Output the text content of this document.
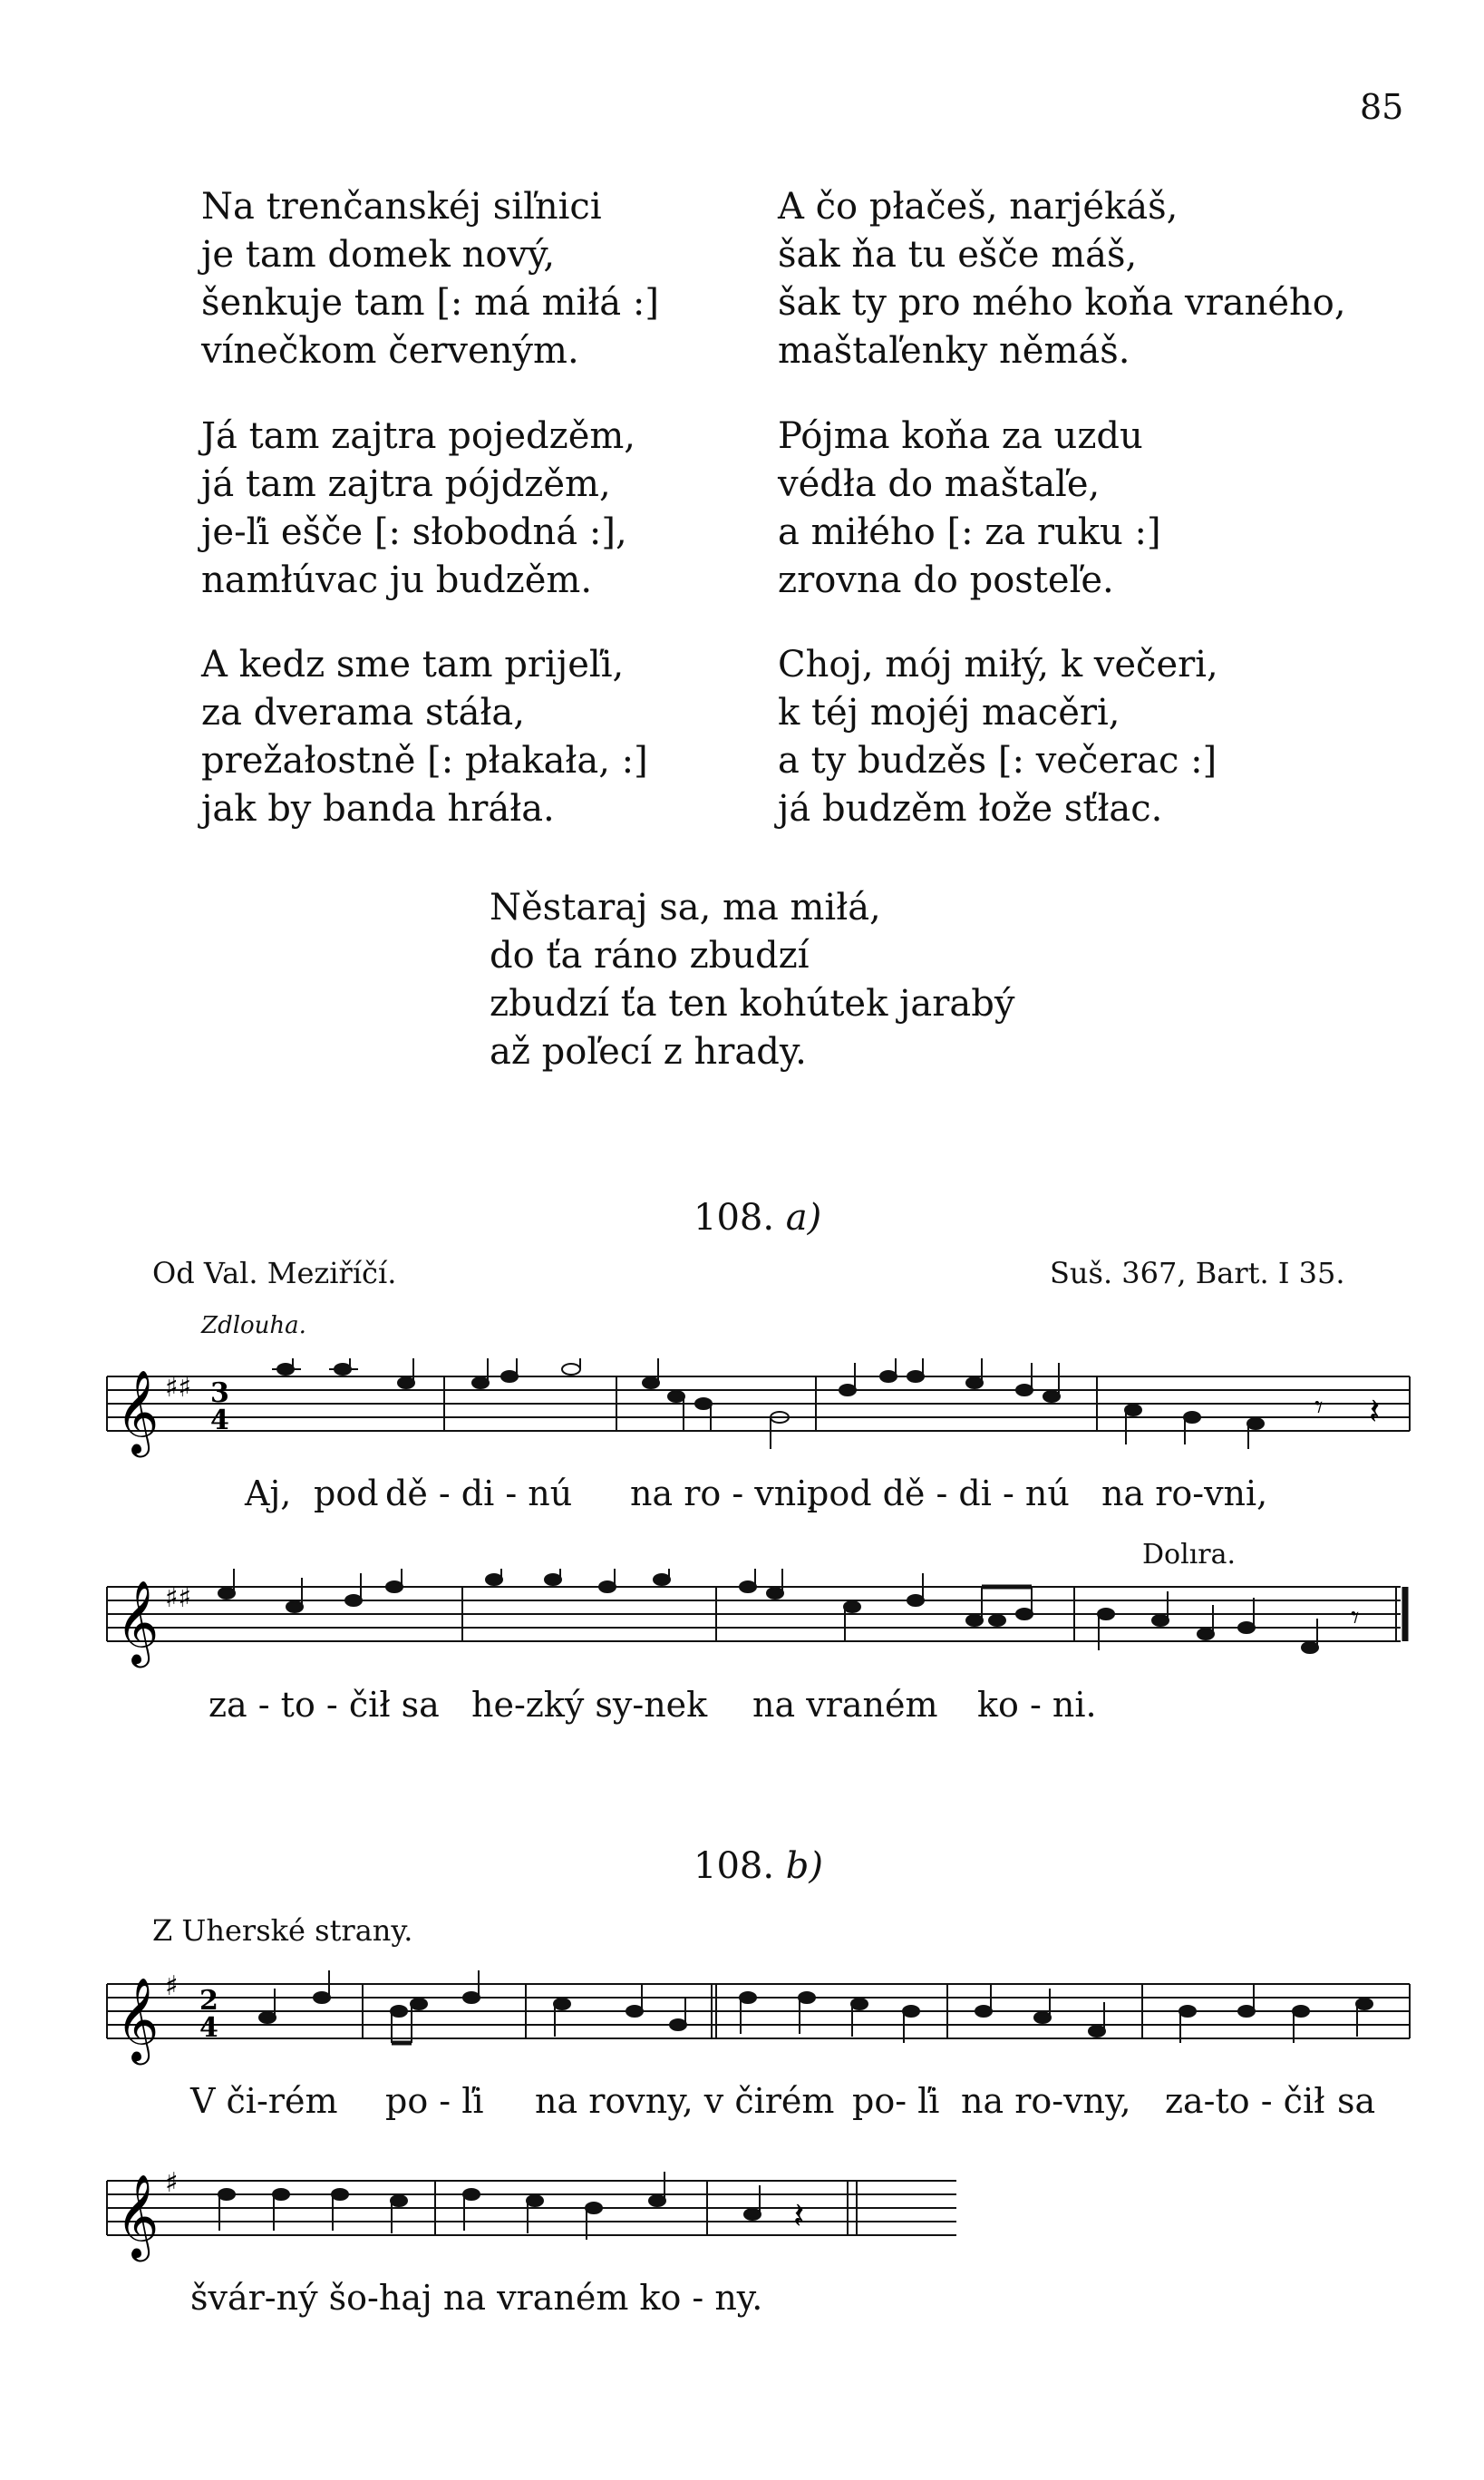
85
Na trenčanskéj siľnici
je tam domek nový,
šenkuje tam [: má miłá :]
vínečkom červeným.
Já tam zajtra pojedzěm,
já tam zajtra pójdzěm,
je-ľi ešče [: słobodná :],
namłúvac ju budzěm.
A kedz sme tam prijeľi,
za dverama stáła,
prežałostně [: płakała, :]
jak by banda hráła.
A čo płačeš, narjékáš,
šak ňa tu ešče máš,
šak ty pro mého koňa vraného,
maštaľenky němáš.
Pójma koňa za uzdu
védła do maštaľe,
a miłého [: za ruku :]
zrovna do posteľe.
Choj, mój miłý, k večeri,
k téj mojéj macěri,
a ty budzěs [: večerac :]
já budzěm łože sťłac.
Něstaraj sa, ma miłá,
do ťa ráno zbudzí
zbudzí ťa ten kohútek jarabý
až poľecí z hrady.
108. a)
Od Val. Meziříčí.	Suš. 367, Bart. I 35.
Zdlouha.
𝄞 ♯♯ 3
4	𝄾 𝄽
Aj, pod dě - di - nú na ro - vni,
pod dě - di - nú na ro-vni,
Dolıra.
𝄞 ♯♯
𝄾
za - to - čił sa he-zký sy-nek na vraném ko - ni.
108. b)
Z Uherské strany.
𝄞 ♯ 2
4
V či-rém po - ľi na rovny, v čirém po- ľi na ro-vny, za-to - čił sa
𝄞 ♯
𝄽
švár-ný šo-haj na vraném ko - ny.
